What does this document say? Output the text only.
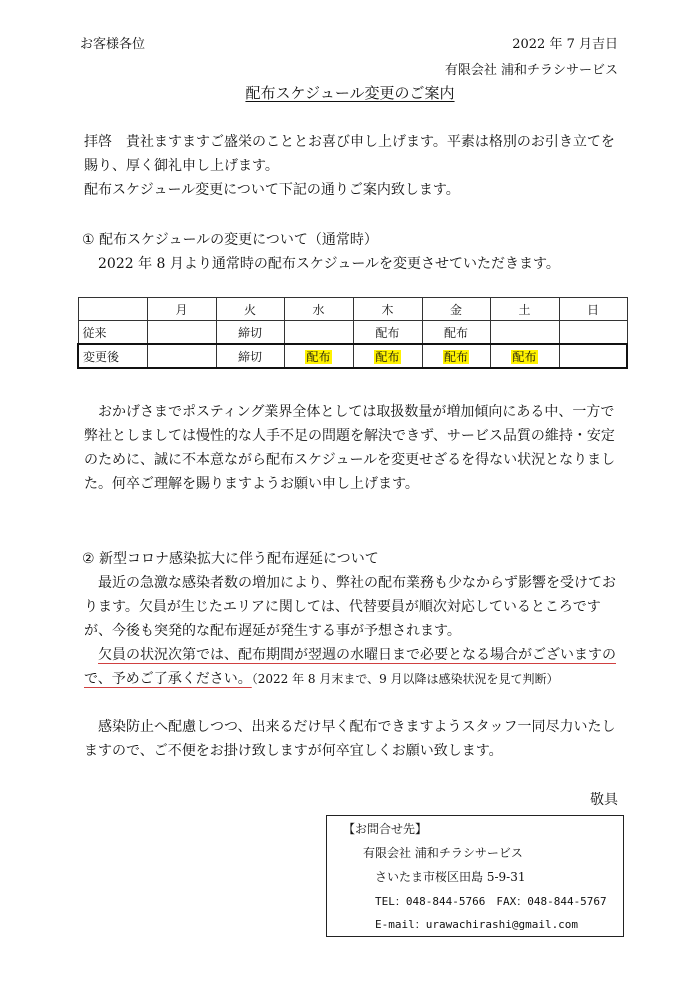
お客様各位	2022 年 7 月吉日
有限会社 浦和チラシサービス
配布スケジュール変更のご案内
拝啓　貴社ますますご盛栄のこととお喜び申し上げます。平素は格別のお引き立てを
賜り、厚く御礼申し上げます。
配布スケジュール変更について下記の通りご案内致します。
① 配布スケジュールの変更について（通常時）
2022 年 8 月より通常時の配布スケジュールを変更させていただきます。
	月	火	水	木	金	土	日
従来		締切		配布	配布		
変更後		締切	配布	配布	配布	配布	

おかげさまでポスティング業界全体としては取扱数量が増加傾向にある中、一方で弊社としましては慢性的な人手不足の問題を解決できず、サービス品質の維持・安定のために、誠に不本意ながら配布スケジュールを変更せざるを得ない状況となりました。何卒ご理解を賜りますようお願い申し上げます。

② 新型コロナ感染拡大に伴う配布遅延について

最近の急激な感染者数の増加により、弊社の配布業務も少なからず影響を受けております。欠員が生じたエリアに関しては、代替要員が順次対応しているところですが、今後も突発的な配布遅延が発生する事が予想されます。

欠員の状況次第では、配布期間が翌週の水曜日まで必要となる場合がございますので、予めご了承ください。（2022 年 8 月末まで、9 月以降は感染状況を見て判断）

感染防止へ配慮しつつ、出来るだけ早く配布できますようスタッフ一同尽力いたしますので、ご不便をお掛け致しますが何卒宜しくお願い致します。

敬具
【お問合せ先】
有限会社 浦和チラシサービス
さいたま市桜区田島 5-9-31
TEL：048-844-5766　FAX：048-844-5767
E-mail：urawachirashi@gmail.com
